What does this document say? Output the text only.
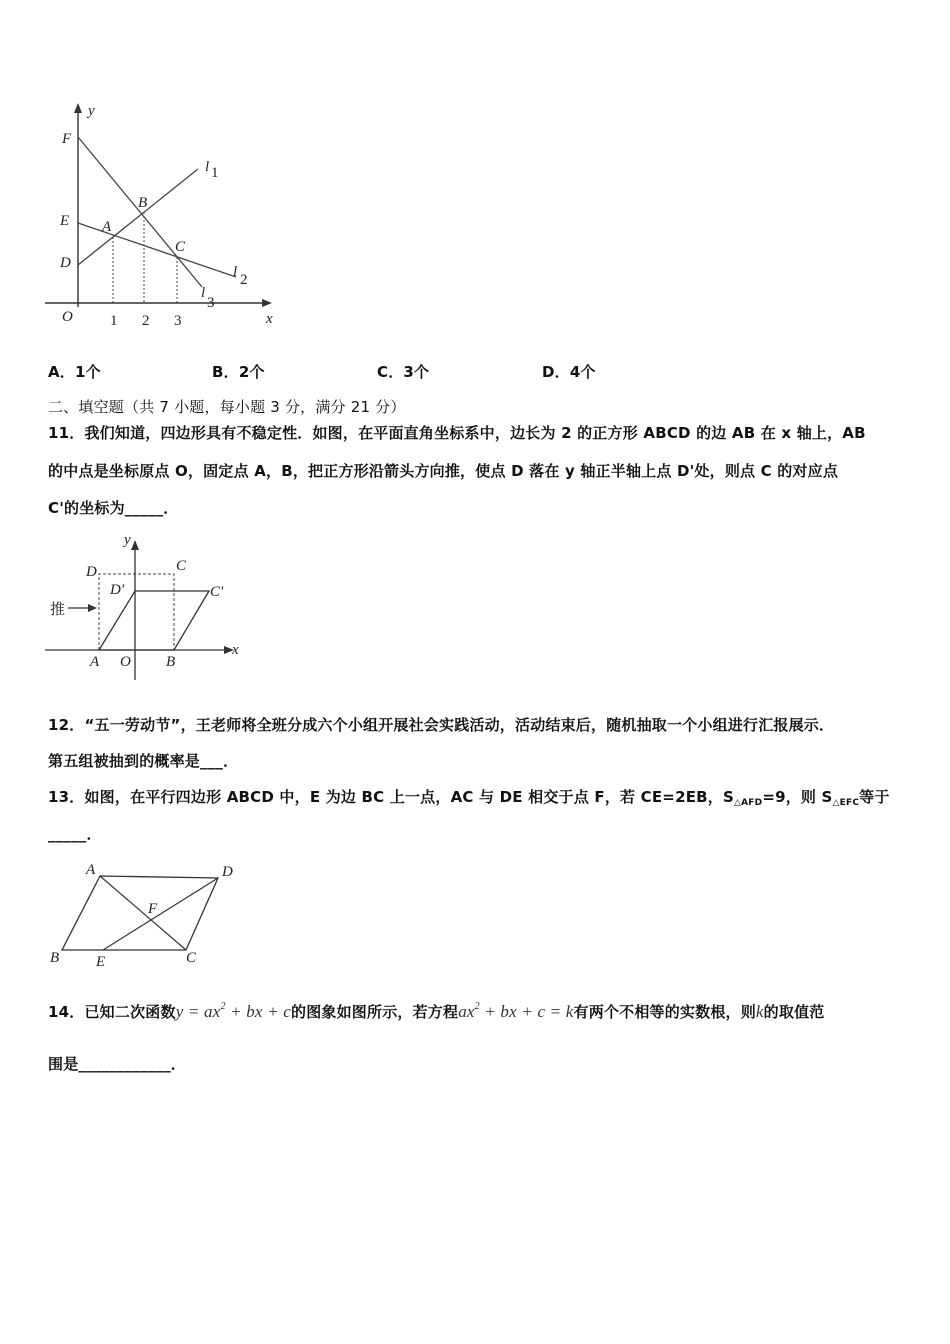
y
x
O
F
E
D
A
B
C
l 1
l 2
l
3
1 2 3
A．1个	B．2个	C．3个	D．4个
二、填空题（共 7 小题，每小题 3 分，满分 21 分）
11．我们知道，四边形具有不稳定性．如图，在平面直角坐标系中，边长为 2 的正方形 ABCD 的边 AB 在 x 轴上，AB
的中点是坐标原点 O，固定点 A，B，把正方形沿箭头方向推，使点 D 落在 y 轴正半轴上点 D'处，则点 C 的对应点
C'的坐标为_____．
y
D	C
D'	C'
推
A O B
x
12．“五一劳动节”，王老师将全班分成六个小组开展社会实践活动，活动结束后，随机抽取一个小组进行汇报展示．
第五组被抽到的概率是___．
13．如图，在平行四边形 ABCD 中，E 为边 BC 上一点，AC 与 DE 相交于点 F，若 CE=2EB，$S_{\triangle AFD}=9$，则 $S_{\triangle EFC}$等于
_____．
A	D
F
B E	C
14．已知二次函数$y = ax^2$ + bx + c的图象如图所示，若方程$ax^2$ + bx + c = k有两个不相等的实数根，则k的取值范
围是____________．
